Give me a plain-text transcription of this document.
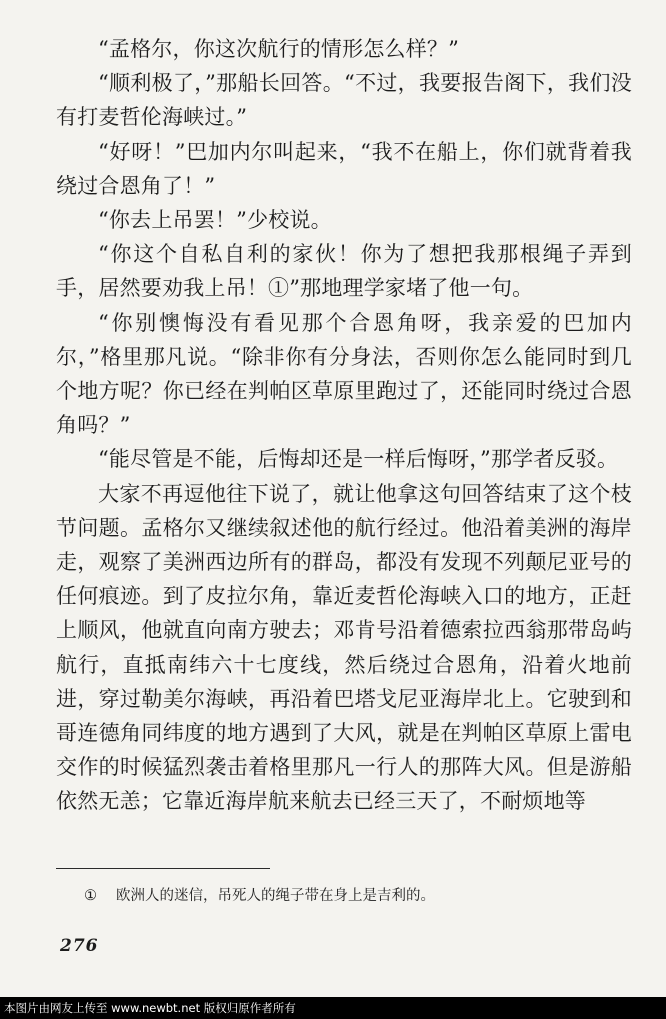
“孟格尔，你这次航行的情形怎么样？”

“顺利极了，”那船长回答。“不过，我要报告阁下，我们没有打麦哲伦海峡过。”

“好呀！”巴加内尔叫起来，“我不在船上，你们就背着我绕过合恩角了！”

“你去上吊罢！”少校说。

“你这个自私自利的家伙！你为了想把我那根绳子弄到手，居然要劝我上吊！①”那地理学家堵了他一句。

“你别懊悔没有看见那个合恩角呀，我亲爱的巴加内尔，”格里那凡说。“除非你有分身法，否则你怎么能同时到几个地方呢？你已经在判帕区草原里跑过了，还能同时绕过合恩角吗？”

“能尽管是不能，后悔却还是一样后悔呀，”那学者反驳。

大家不再逗他往下说了，就让他拿这句回答结束了这个枝节问题。孟格尔又继续叙述他的航行经过。他沿着美洲的海岸走，观察了美洲西边所有的群岛，都没有发现不列颠尼亚号的任何痕迹。到了皮拉尔角，靠近麦哲伦海峡入口的地方，正赶上顺风，他就直向南方驶去；邓肯号沿着德索拉西翁那带岛屿航行，直抵南纬六十七度线，然后绕过合恩角，沿着火地前进，穿过勒美尔海峡，再沿着巴塔戈尼亚海岸北上。它驶到和哥连德角同纬度的地方遇到了大风，就是在判帕区草原上雷电交作的时候猛烈袭击着格里那凡一行人的那阵大风。但是游船依然无恙；它靠近海岸航来航去已经三天了，不耐烦地等

① 欧洲人的迷信，吊死人的绳子带在身上是吉利的。
276
本图片由网友上传至 www.newbt.net 版权归原作者所有
